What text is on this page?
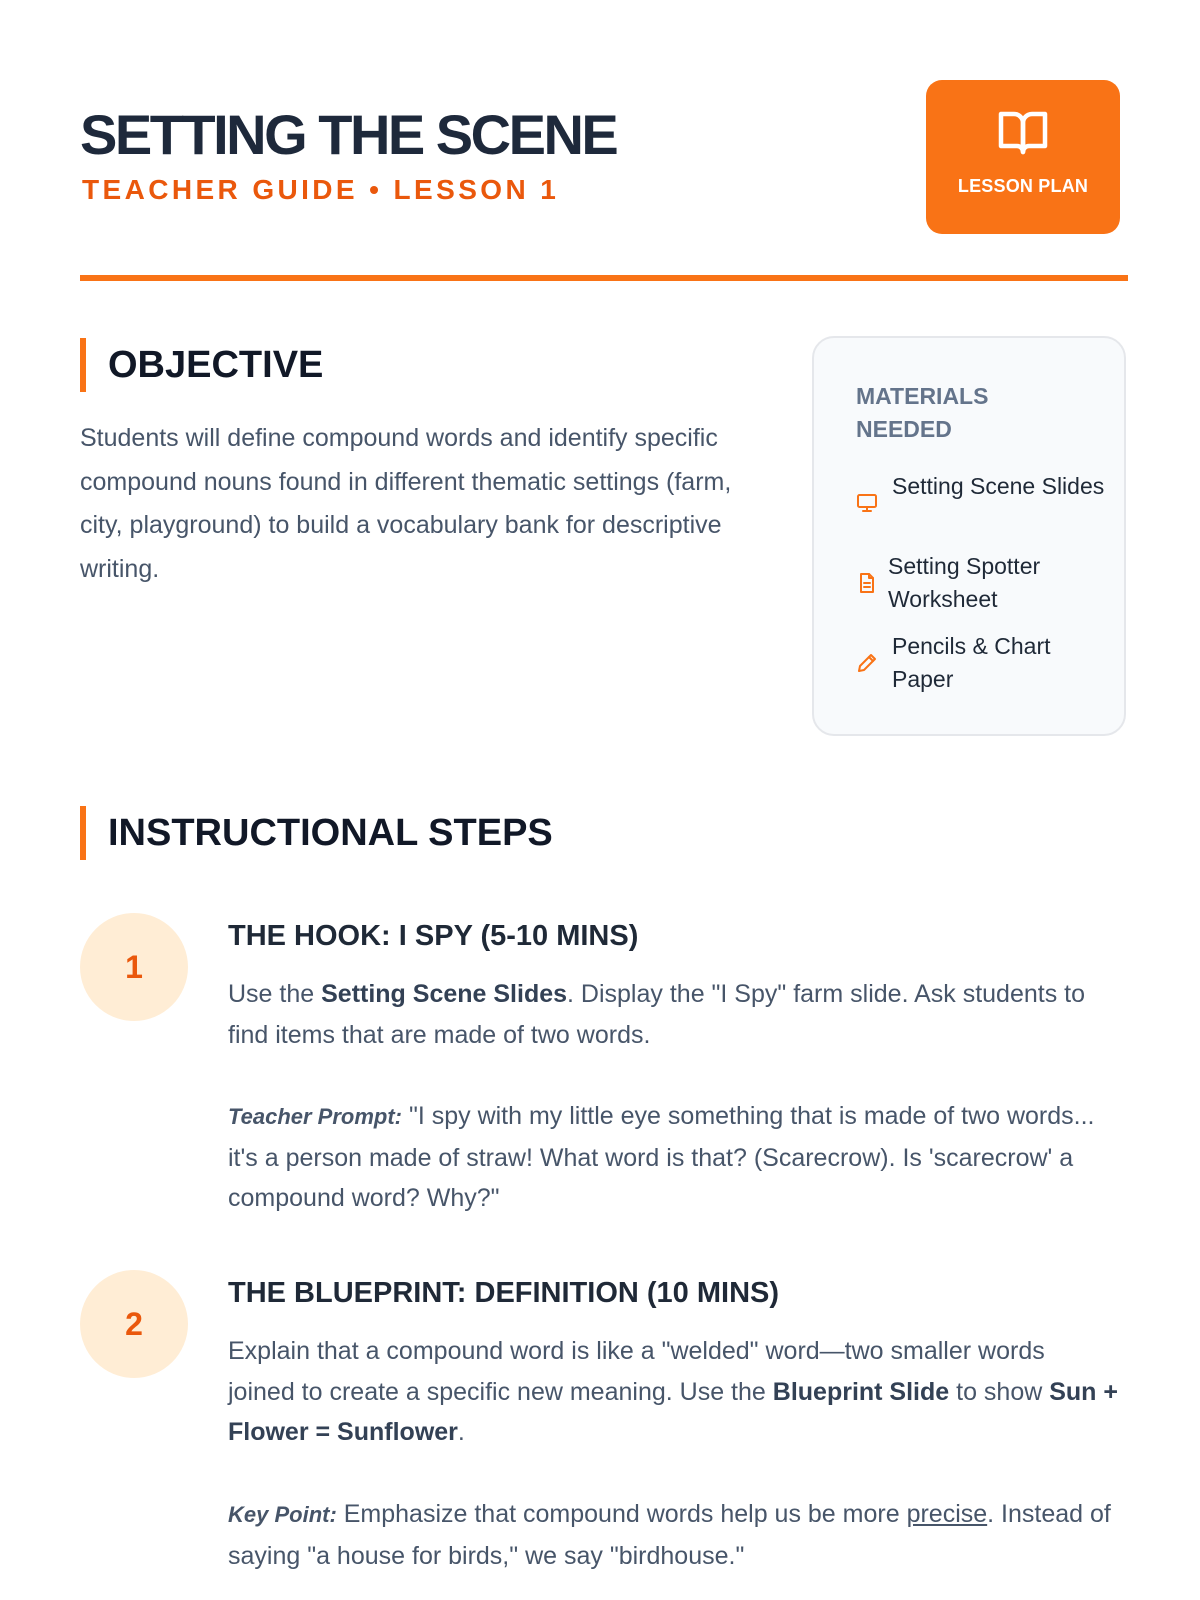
SETTING THE SCENE
TEACHER GUIDE • LESSON 1	LESSON PLAN
OBJECTIVE

Students will define compound words and identify specific compound nouns found in different thematic settings (farm, city, playground) to build a vocabulary bank for descriptive writing.

MATERIALS NEEDED
Setting Scene Slides
Setting Spotter Worksheet
Pencils & Chart Paper
INSTRUCTIONAL STEPS
1
THE HOOK: I SPY (5-10 MINS)

Use the Setting Scene Slides. Display the "I Spy" farm slide. Ask students to find items that are made of two words.

Teacher Prompt: "I spy with my little eye something that is made of two words... it's a person made of straw! What word is that? (Scarecrow). Is 'scarecrow' a compound word? Why?"

2
THE BLUEPRINT: DEFINITION (10 MINS)

Explain that a compound word is like a "welded" word—two smaller words joined to create a specific new meaning. Use the Blueprint Slide to show Sun + Flower = Sunflower.

Key Point: Emphasize that compound words help us be more precise. Instead of saying "a house for birds," we say "birdhouse."
